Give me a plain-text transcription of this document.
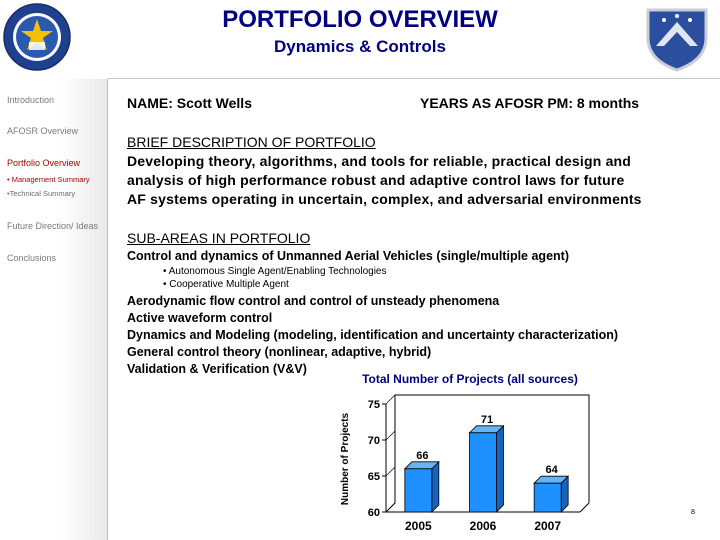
PORTFOLIO OVERVIEW
Dynamics & Controls
Introduction
AFOSR Overview
Portfolio Overview
• Management Summary
•Technical Summary
Future Direction/ Ideas
Conclusions
NAME: Scott Wells	YEARS AS AFOSR PM: 8 months
BRIEF DESCRIPTION OF PORTFOLIO
Developing theory, algorithms, and tools for reliable, practical design and
analysis of high performance robust and adaptive control laws for future
AF systems operating in uncertain, complex, and adversarial environments
SUB-AREAS IN PORTFOLIO
Control and dynamics of Unmanned Aerial Vehicles (single/multiple agent)
• Autonomous Single Agent/Enabling Technologies
• Cooperative Multiple Agent
Aerodynamic flow control and control of unsteady phenomena
Active waveform control
Dynamics and Modeling (modeling, identification and uncertainty characterization)
General control theory (nonlinear, adaptive, hybrid)
Validation & Verification (V&V)
Total Number of Projects (all sources)
Number of Projects
60
65
70
75
66
2005
71
2006
64
2007
8
